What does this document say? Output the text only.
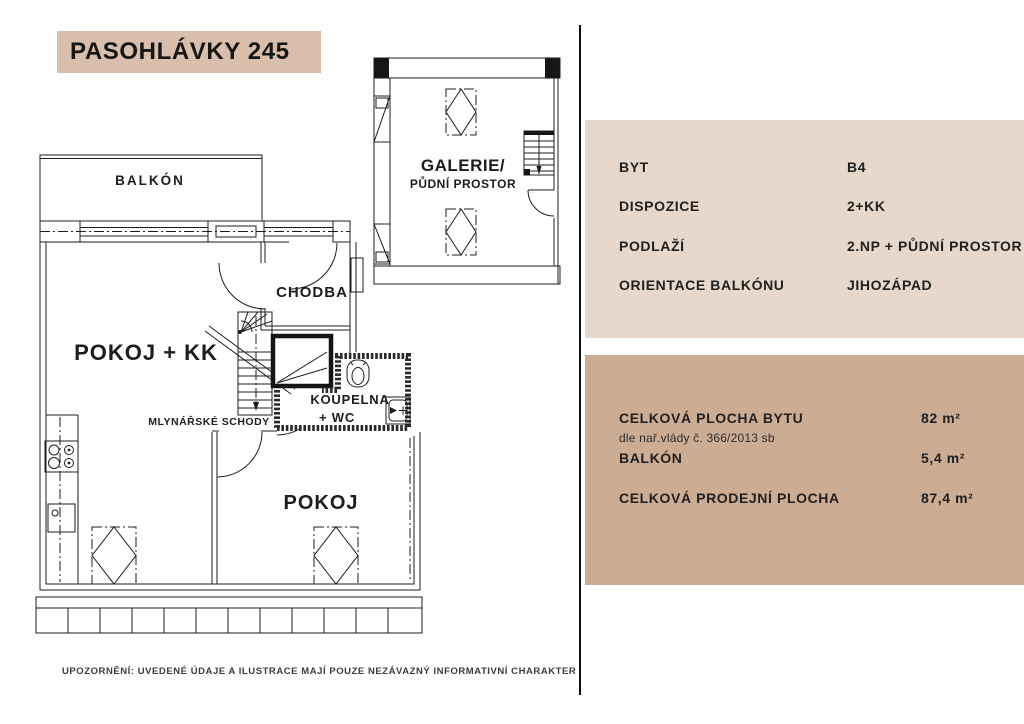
BALKÓN
GALERIE/
PŮDNÍ PROSTOR
POKOJ + KK
CHODBA
MLYNÁŘSKÉ SCHODY
KOUPELNA
+ WC
POKOJ
PASOHLÁVKY 245
BYT	B4
DISPOZICE	2+KK
PODLAŽÍ	2.NP + PŮDNÍ PROSTOR
ORIENTACE BALKÓNU	JIHOZÁPAD
CELKOVÁ PLOCHA BYTU	82 m²
dle nař.vlády č. 366/2013 sb
BALKÓN	5,4 m²
CELKOVÁ PRODEJNÍ PLOCHA	87,4 m²
UPOZORNĚNÍ: UVEDENÉ ÚDAJE A ILUSTRACE MAJÍ POUZE NEZÁVAZNÝ INFORMATIVNÍ CHARAKTER
